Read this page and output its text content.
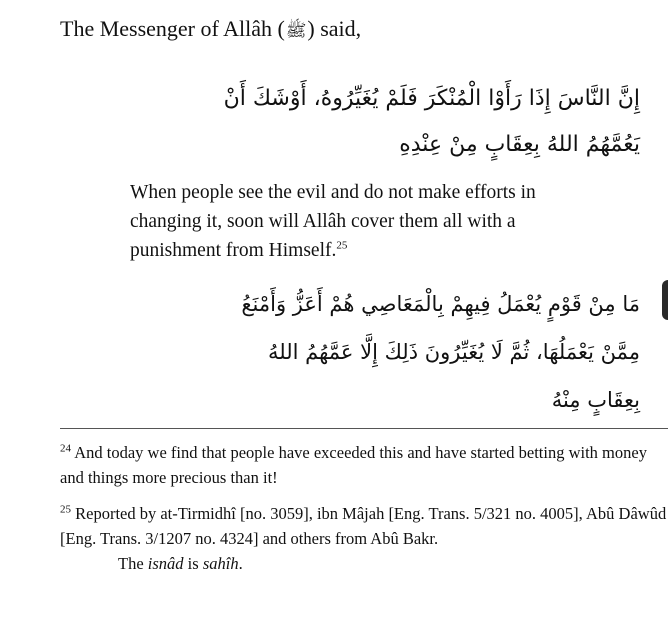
The Messenger of Allâh (ﷺ) said,
إِنَّ النَّاسَ إِذَا رَأَوْا الْمُنْكَرَ فَلَمْ يُغَيِّرُوهُ، أَوْشَكَ أَنْ
يَعُمَّهُمُ اللهُ بِعِقَابٍ مِنْ عِنْدِهِ
When people see the evil and do not make efforts in changing it, soon will Allâh cover them all with a punishment from Himself.$^{25}$
مَا مِنْ قَوْمٍ يُعْمَلُ فِيهِمْ بِالْمَعَاصِي هُمْ أَعَزُّ وَأَمْنَعُ
مِمَّنْ يَعْمَلُهَا، ثُمَّ لَا يُغَيِّرُونَ ذَلِكَ إِلَّا عَمَّهُمُ اللهُ
بِعِقَابٍ مِنْهُ
$^{24}$ And today we find that people have exceeded this and have started betting with money and things more precious than it!
$^{25}$ Reported by at-Tirmidhî [no. 3059], ibn Mâjah [Eng. Trans. 5/321 no. 4005], Abû Dâwûd [Eng. Trans. 3/1207 no. 4324] and others from Abû Bakr.
The isnâd is sahîh.
